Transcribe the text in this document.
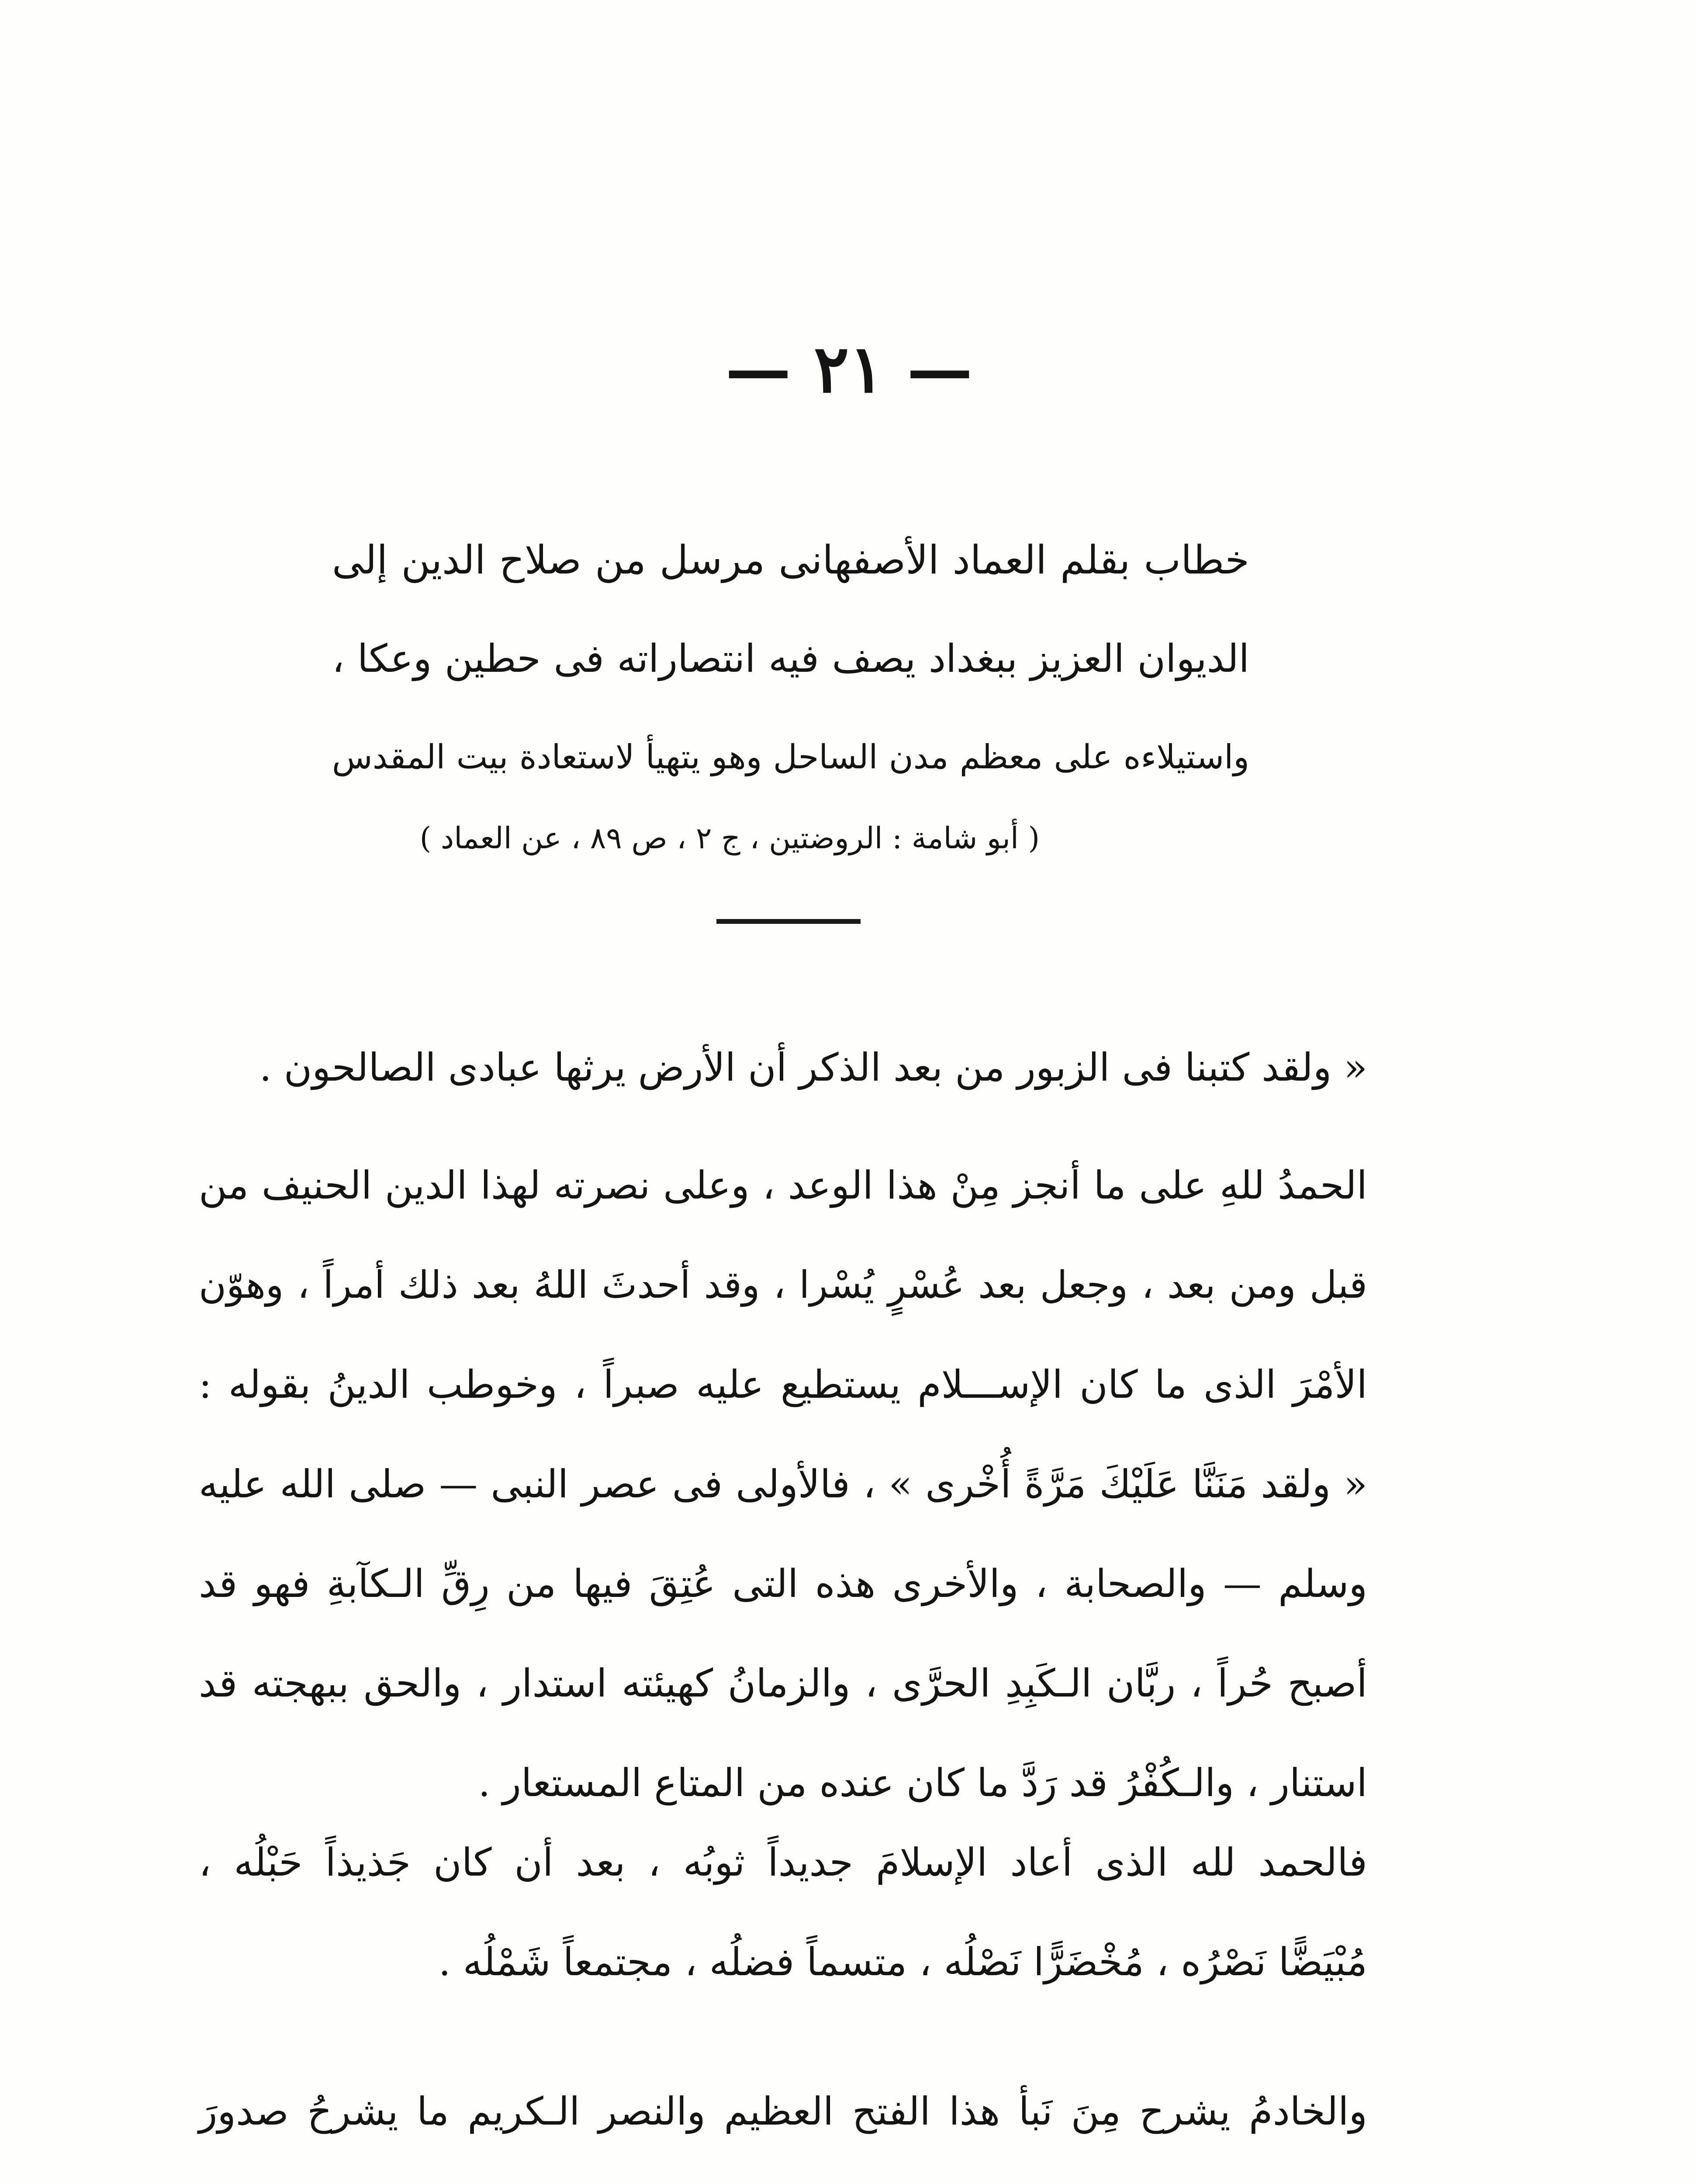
— ٢١ —

خطاب بقلم العماد الأصفهانى مرسل من صلاح الدين إلى

الديوان العزيز ببغداد يصف فيه انتصاراته فى حطين وعكا ،

واستيلاءه على معظم مدن الساحل وهو يتهيأ لاستعادة بيت المقدس

( أبو شامة : الروضتين ، ج ٢ ، ص ٨٩ ، عن العماد )

« ولقد كتبنا فى الزبور من بعد الذكر أن الأرض يرثها عبادى الصالحون .

الحمدُ للهِ على ما أنجز مِنْ هذا الوعد ، وعلى نصرته لهذا الدين الحنيف من

قبل ومن بعد ، وجعل بعد عُسْرٍ يُسْرا ، وقد أحدثَ اللهُ بعد ذلك أمراً ، وهوّن

الأمْرَ الذى ما كان الإســـلام يستطيع عليه صبراً ، وخوطب الدينُ بقوله :

« ولقد مَنَنَّا عَلَيْكَ مَرَّةً أُخْرى » ، فالأولى فى عصر النبى — صلى الله عليه

وسلم — والصحابة ، والأخرى هذه التى عُتِقَ فيها من رِقِّ الـكآبةِ فهو قد

أصبح حُراً ، ربَّان الـكَبِدِ الحرَّى ، والزمانُ كهيئته استدار ، والحق ببهجته قد

استنار ، والـكُفْرُ قد رَدَّ ما كان عنده من المتاع المستعار .

فالحمد لله الذى أعاد الإسلامَ جديداً ثوبُه ، بعد أن كان جَذيذاً حَبْلُه ،

مُبْيَضًّا نَصْرُه ، مُخْضَرًّا نَصْلُه ، متسماً فضلُه ، مجتمعاً شَمْلُه .

والخادمُ يشرح مِنَ نَبأ هذا الفتح العظيم والنصر الـكريم ما يشرحُ صدورَ
